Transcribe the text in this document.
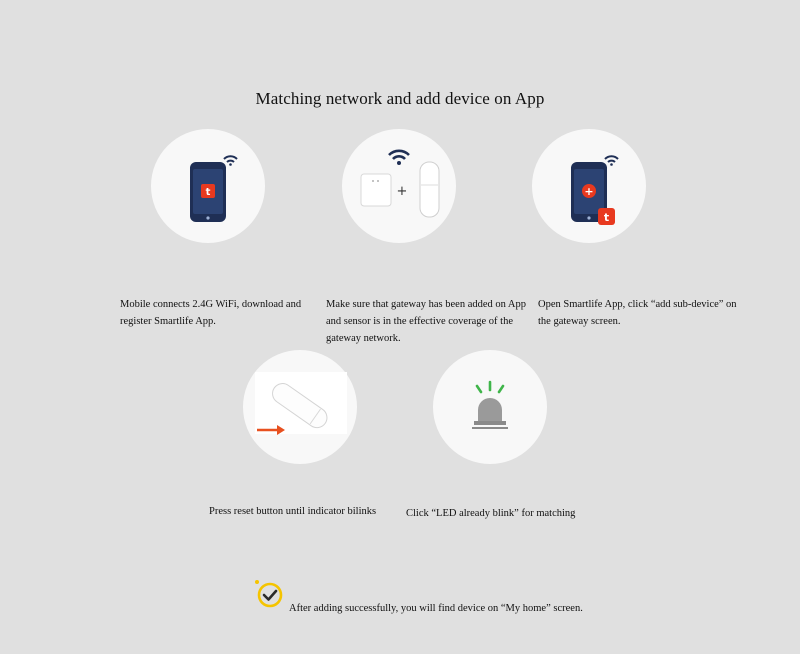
Matching network and add device on App
t
Mobile connects 2.4G WiFi, download and
register Smartlife App.
+
Make sure that gateway has been added on App
and sensor is in the effective coverage of the
gateway network.
+
t
Open Smartlife App, click “add sub-device” on
the gateway screen.
Press reset button until indicator bilinks	Click “LED already blink” for matching
After adding successfully, you will find device on “My home” screen.
